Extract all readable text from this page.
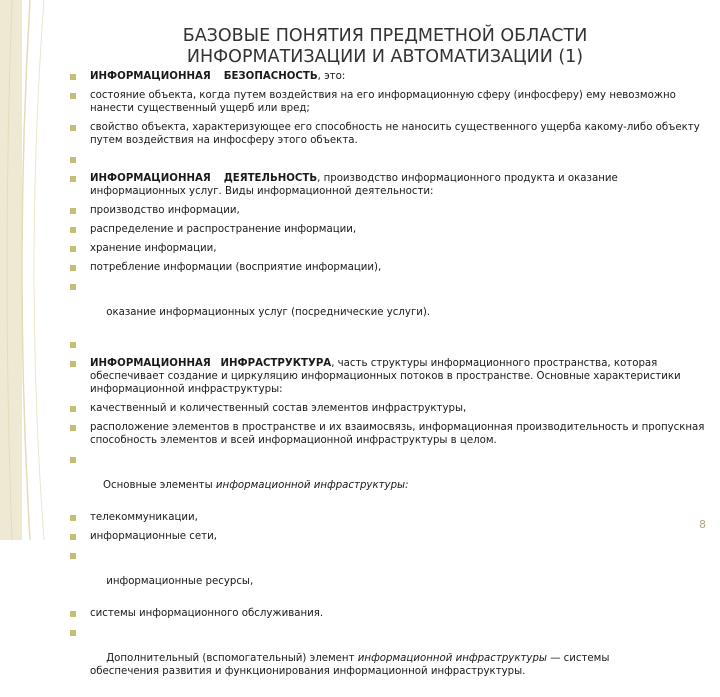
БАЗОВЫЕ ПОНЯТИЯ ПРЕДМЕТНОЙ ОБЛАСТИ
ИНФОРМАТИЗАЦИИ И АВТОМАТИЗАЦИИ (1)
ИНФОРМАЦИОННАЯ БЕЗОПАСНОСТЬ, это:
состояние объекта, когда путем воздействия на его информационную сферу (инфосферу) ему невозможно нанести существенный ущерб или вред;
свойство объекта, характеризующее его способность не наносить существенного ущерба какому-либо объекту путем воздействия на инфосферу этого объекта.
ИНФОРМАЦИОННАЯ ДЕЯТЕЛЬНОСТЬ, производство информационного продукта и оказание информационных услуг. Виды информационной деятельности:
производство информации,
распределение и распространение информации,
хранение информации,
потребление информации (восприятие информации),

оказание информационных услуг (посреднические услуги).

ИНФОРМАЦИОННАЯ ИНФРАСТРУКТУРА, часть структуры информационного пространства, которая обеспечивает создание и циркуляцию информационных потоков в пространстве. Основные характеристики информационной инфраструктуры:
качественный и количественный состав элементов инфраструктуры,
расположение элементов в пространстве и их взаимосвязь, информационная производительность и пропускная способность элементов и всей информационной инфраструктуры в целом.

Основные элементы информационной инфраструктуры:

телекоммуникации,
информационные сети,

информационные ресурсы,

системы информационного обслуживания.

Дополнительный (вспомогательный) элемент информационной инфраструктуры — системы обеспечения развития и функционирования информационной инфраструктуры.

8
